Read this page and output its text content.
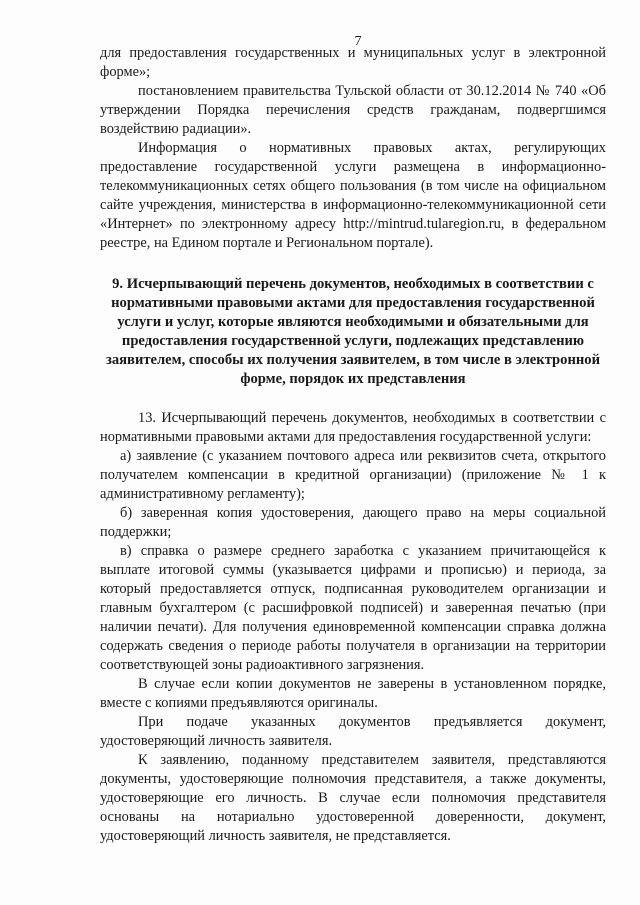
7

для предоставления государственных и муниципальных услуг в электронной форме»;

постановлением правительства Тульской области от 30.12.2014 № 740 «Об утверждении Порядка перечисления средств гражданам, подвергшимся воздействию радиации».

Информация о нормативных правовых актах, регулирующих предоставление государственной услуги размещена в информационно-телекоммуникационных сетях общего пользования (в том числе на официальном сайте учреждения, министерства в информационно-телекоммуникационной сети «Интернет» по электронному адресу http://mintrud.tularegion.ru, в федеральном реестре, на Едином портале и Региональном портале).

9. Исчерпывающий перечень документов, необходимых в соответствии с нормативными правовыми актами для предоставления государственной услуги и услуг, которые являются необходимыми и обязательными для предоставления государственной услуги, подлежащих представлению заявителем, способы их получения заявителем, в том числе в электронной форме, порядок их представления

13. Исчерпывающий перечень документов, необходимых в соответствии с нормативными правовыми актами для предоставления государственной услуги:

а) заявление (с указанием почтового адреса или реквизитов счета, открытого получателем компенсации в кредитной организации) (приложение № 1 к административному регламенту);

б) заверенная копия удостоверения, дающего право на меры социальной поддержки;

в) справка о размере среднего заработка с указанием причитающейся к выплате итоговой суммы (указывается цифрами и прописью) и периода, за который предоставляется отпуск, подписанная руководителем организации и главным бухгалтером (с расшифровкой подписей) и заверенная печатью (при наличии печати). Для получения единовременной компенсации справка должна содержать сведения о периоде работы получателя в организации на территории соответствующей зоны радиоактивного загрязнения.

В случае если копии документов не заверены в установленном порядке, вместе с копиями предъявляются оригиналы.

При подаче указанных документов предъявляется документ, удостоверяющий личность заявителя.

К заявлению, поданному представителем заявителя, представляются документы, удостоверяющие полномочия представителя, а также документы, удостоверяющие его личность. В случае если полномочия представителя основаны на нотариально удостоверенной доверенности, документ, удостоверяющий личность заявителя, не представляется.
